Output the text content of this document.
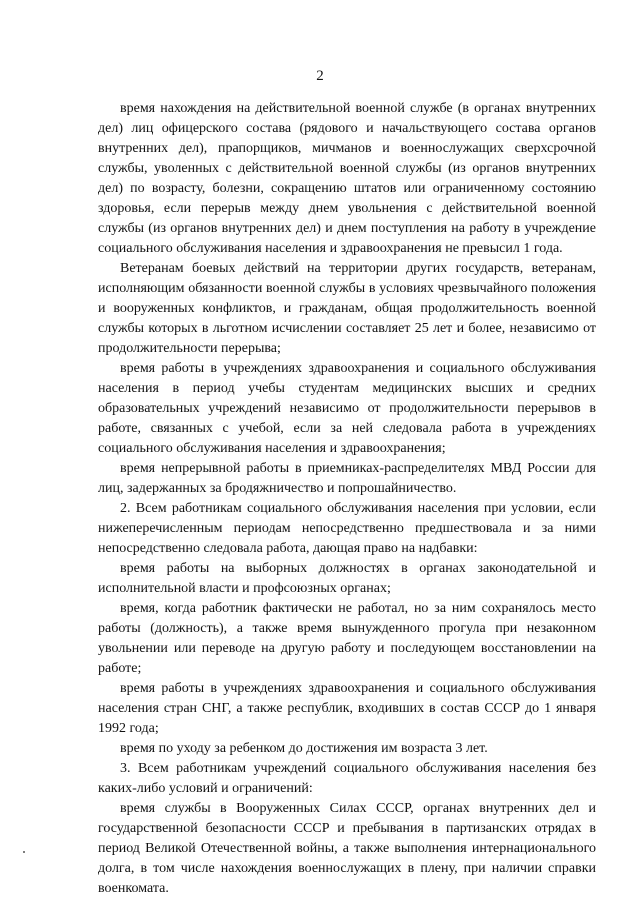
2

время нахождения на действительной военной службе (в органах внутренних дел) лиц офицерского состава (рядового и начальствующего состава органов внутренних дел), прапорщиков, мичманов и военнослужащих сверхсрочной службы, уволенных с действительной военной службы (из органов внутренних дел) по возрасту, болезни, сокращению штатов или ограниченному состоянию здоровья, если перерыв между днем увольнения с действительной военной службы (из органов внутренних дел) и днем поступления на работу в учреждение социального обслуживания населения и здравоохранения не превысил 1 года.

Ветеранам боевых действий на территории других государств, ветеранам, исполняющим обязанности военной службы в условиях чрезвычайного положения и вооруженных конфликтов, и гражданам, общая продолжительность военной службы которых в льготном исчислении составляет 25 лет и более, независимо от продолжительности перерыва;

время работы в учреждениях здравоохранения и социального обслуживания населения в период учебы студентам медицинских высших и средних образовательных учреждений независимо от продолжительности перерывов в работе, связанных с учебой, если за ней следовала работа в учреждениях социального обслуживания населения и здравоохранения;

время непрерывной работы в приемниках-распределителях МВД России для лиц, задержанных за бродяжничество и попрошайничество.

2. Всем работникам социального обслуживания населения при условии, если нижеперечисленным периодам непосредственно предшествовала и за ними непосредственно следовала работа, дающая право на надбавки:

время работы на выборных должностях в органах законодательной и исполнительной власти и профсоюзных органах;

время, когда работник фактически не работал, но за ним сохранялось место работы (должность), а также время вынужденного прогула при незаконном увольнении или переводе на другую работу и последующем восстановлении на работе;

время работы в учреждениях здравоохранения и социального обслуживания населения стран СНГ, а также республик, входивших в состав СССР до 1 января 1992 года;

время по уходу за ребенком до достижения им возраста 3 лет.

3. Всем работникам учреждений социального обслуживания населения без каких-либо условий и ограничений:

время службы в Вооруженных Силах СССР, органах внутренних дел и государственной безопасности СССР и пребывания в партизанских отрядах в период Великой Отечественной войны, а также выполнения интернационального долга, в том числе нахождения военнослужащих в плену, при наличии справки военкомата.
